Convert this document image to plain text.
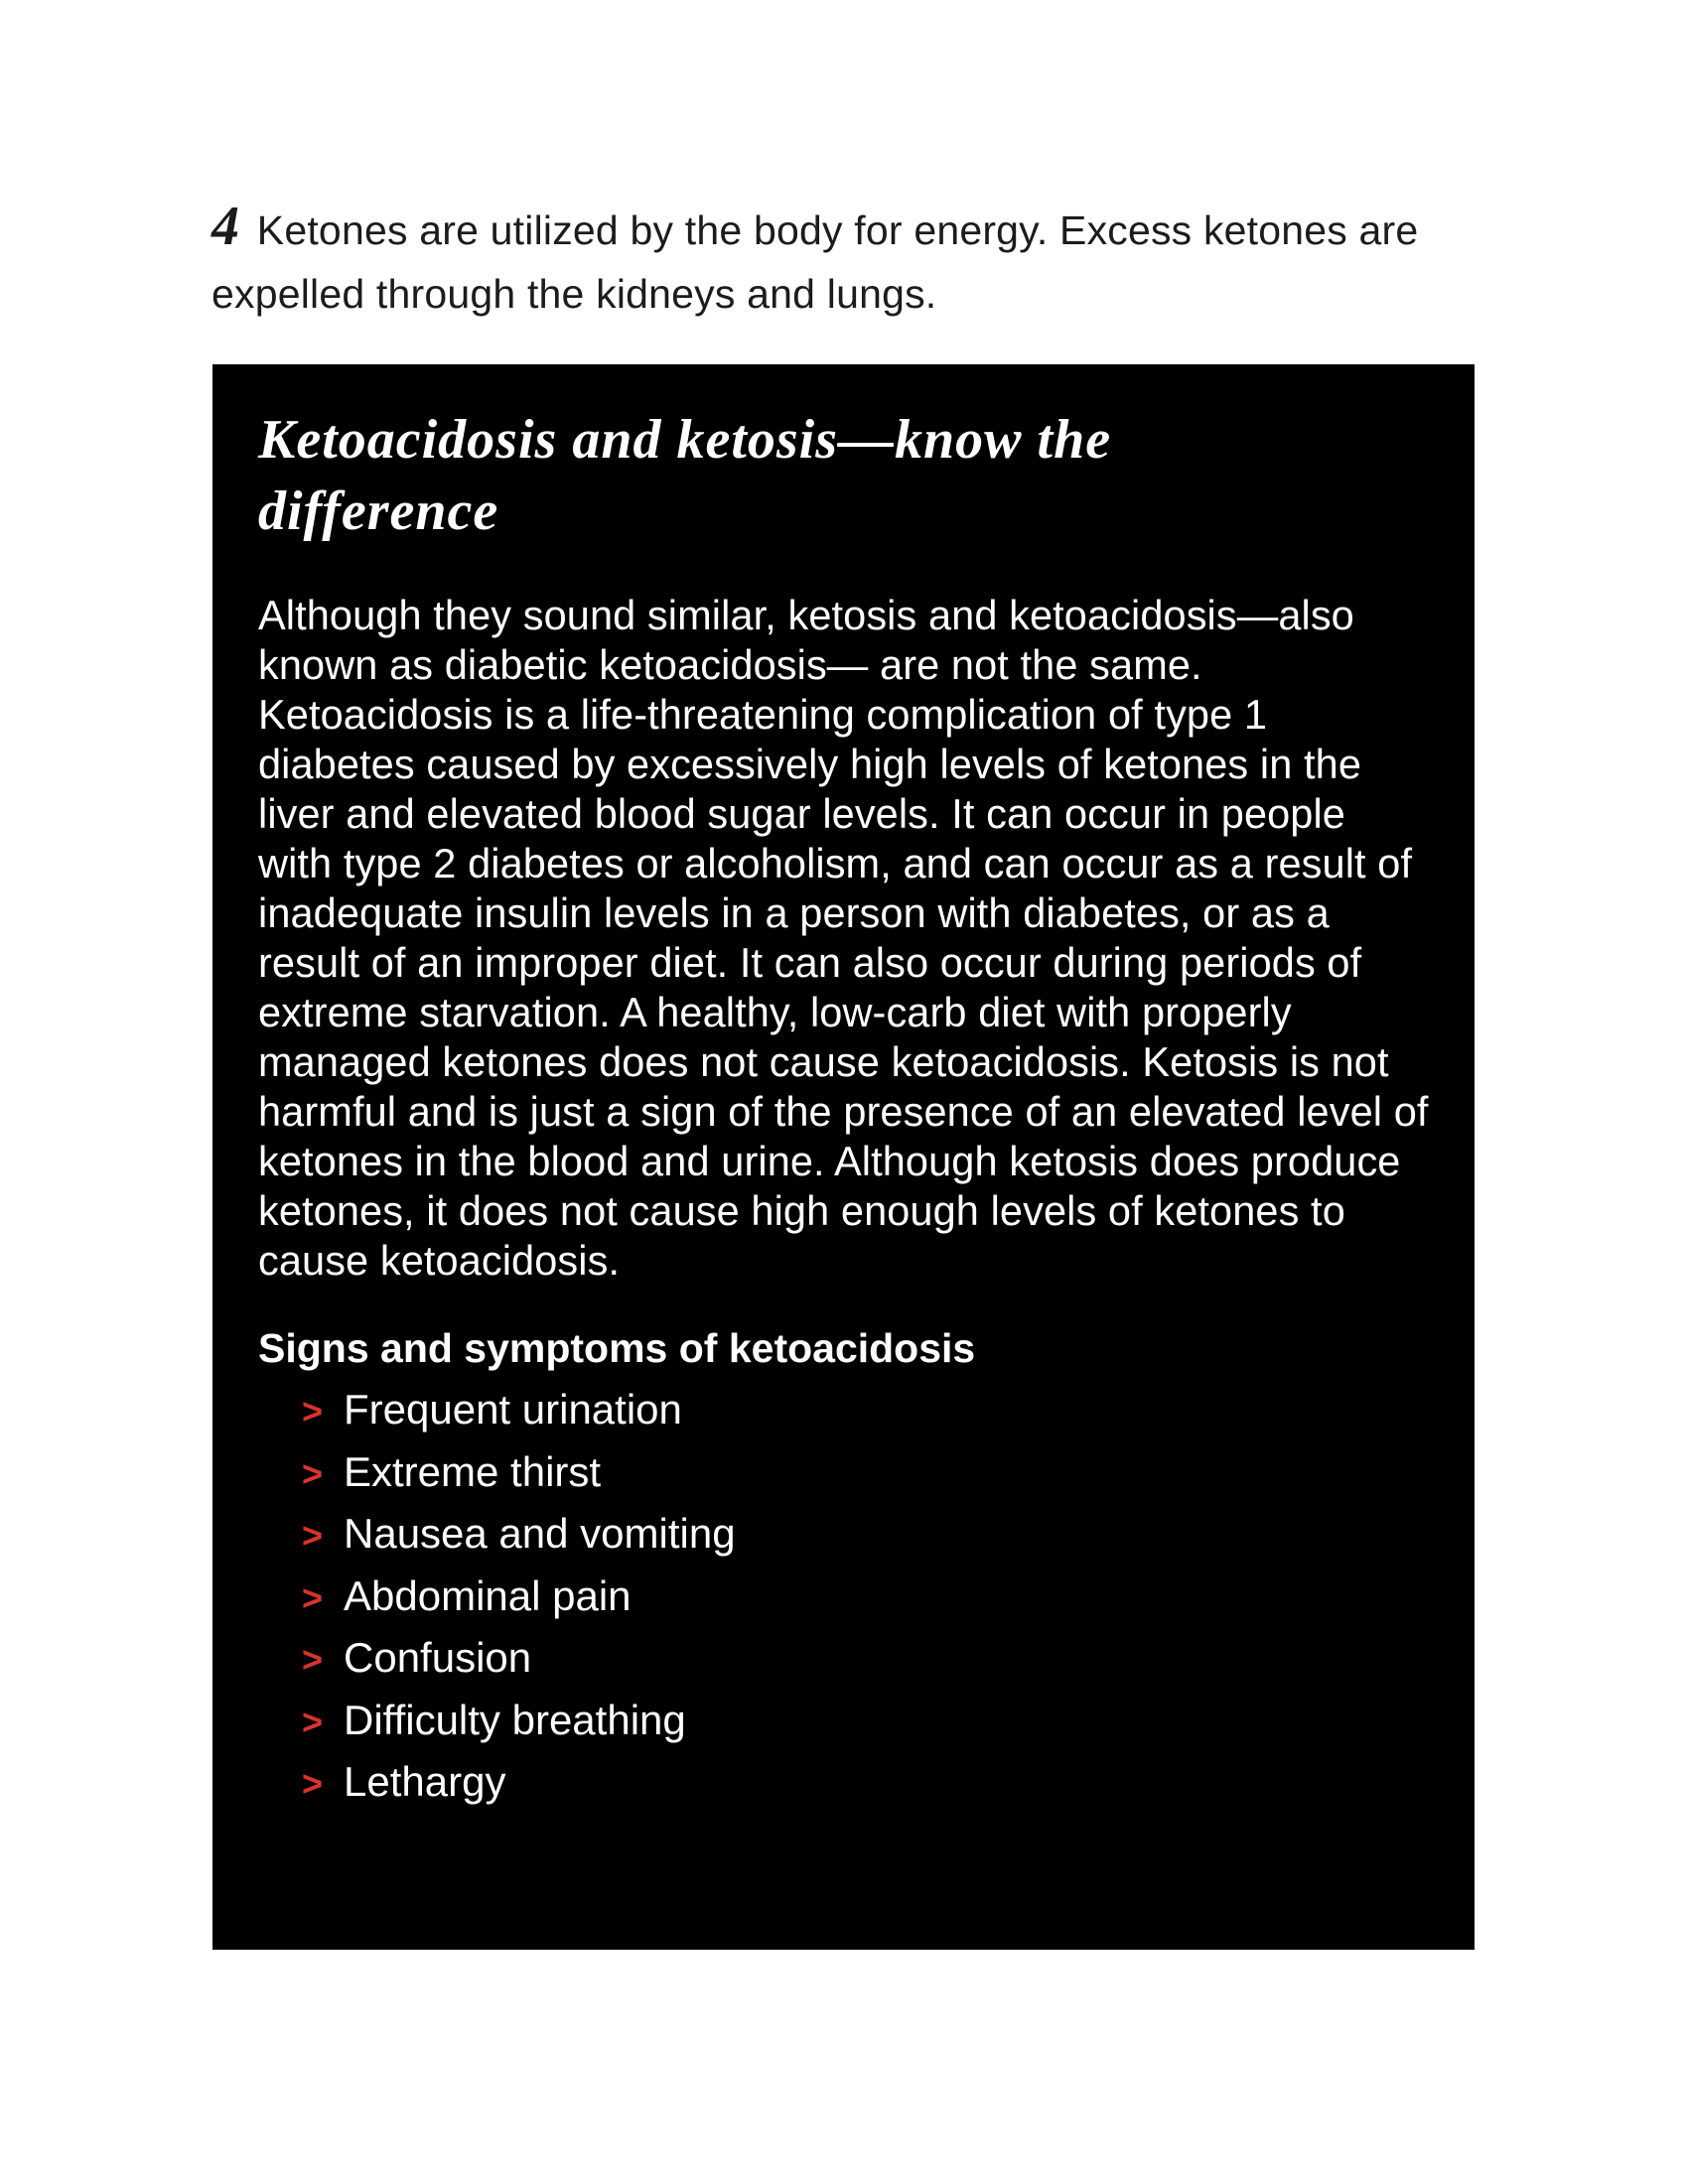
4 Ketones are utilized by the body for energy. Excess ketones are expelled through the kidneys and lungs.
Ketoacidosis and ketosis—know the difference

Although they sound similar, ketosis and ketoacidosis—also known as diabetic ketoacidosis— are not the same. Ketoacidosis is a life-threatening complication of type 1 diabetes caused by excessively high levels of ketones in the liver and elevated blood sugar levels. It can occur in people with type 2 diabetes or alcoholism, and can occur as a result of inadequate insulin levels in a person with diabetes, or as a result of an improper diet. It can also occur during periods of extreme starvation. A healthy, low-carb diet with properly managed ketones does not cause ketoacidosis. Ketosis is not harmful and is just a sign of the presence of an elevated level of ketones in the blood and urine. Although ketosis does produce ketones, it does not cause high enough levels of ketones to cause ketoacidosis.

Signs and symptoms of ketoacidosis
> Frequent urination
> Extreme thirst
> Nausea and vomiting
> Abdominal pain
> Confusion
> Difficulty breathing
> Lethargy
